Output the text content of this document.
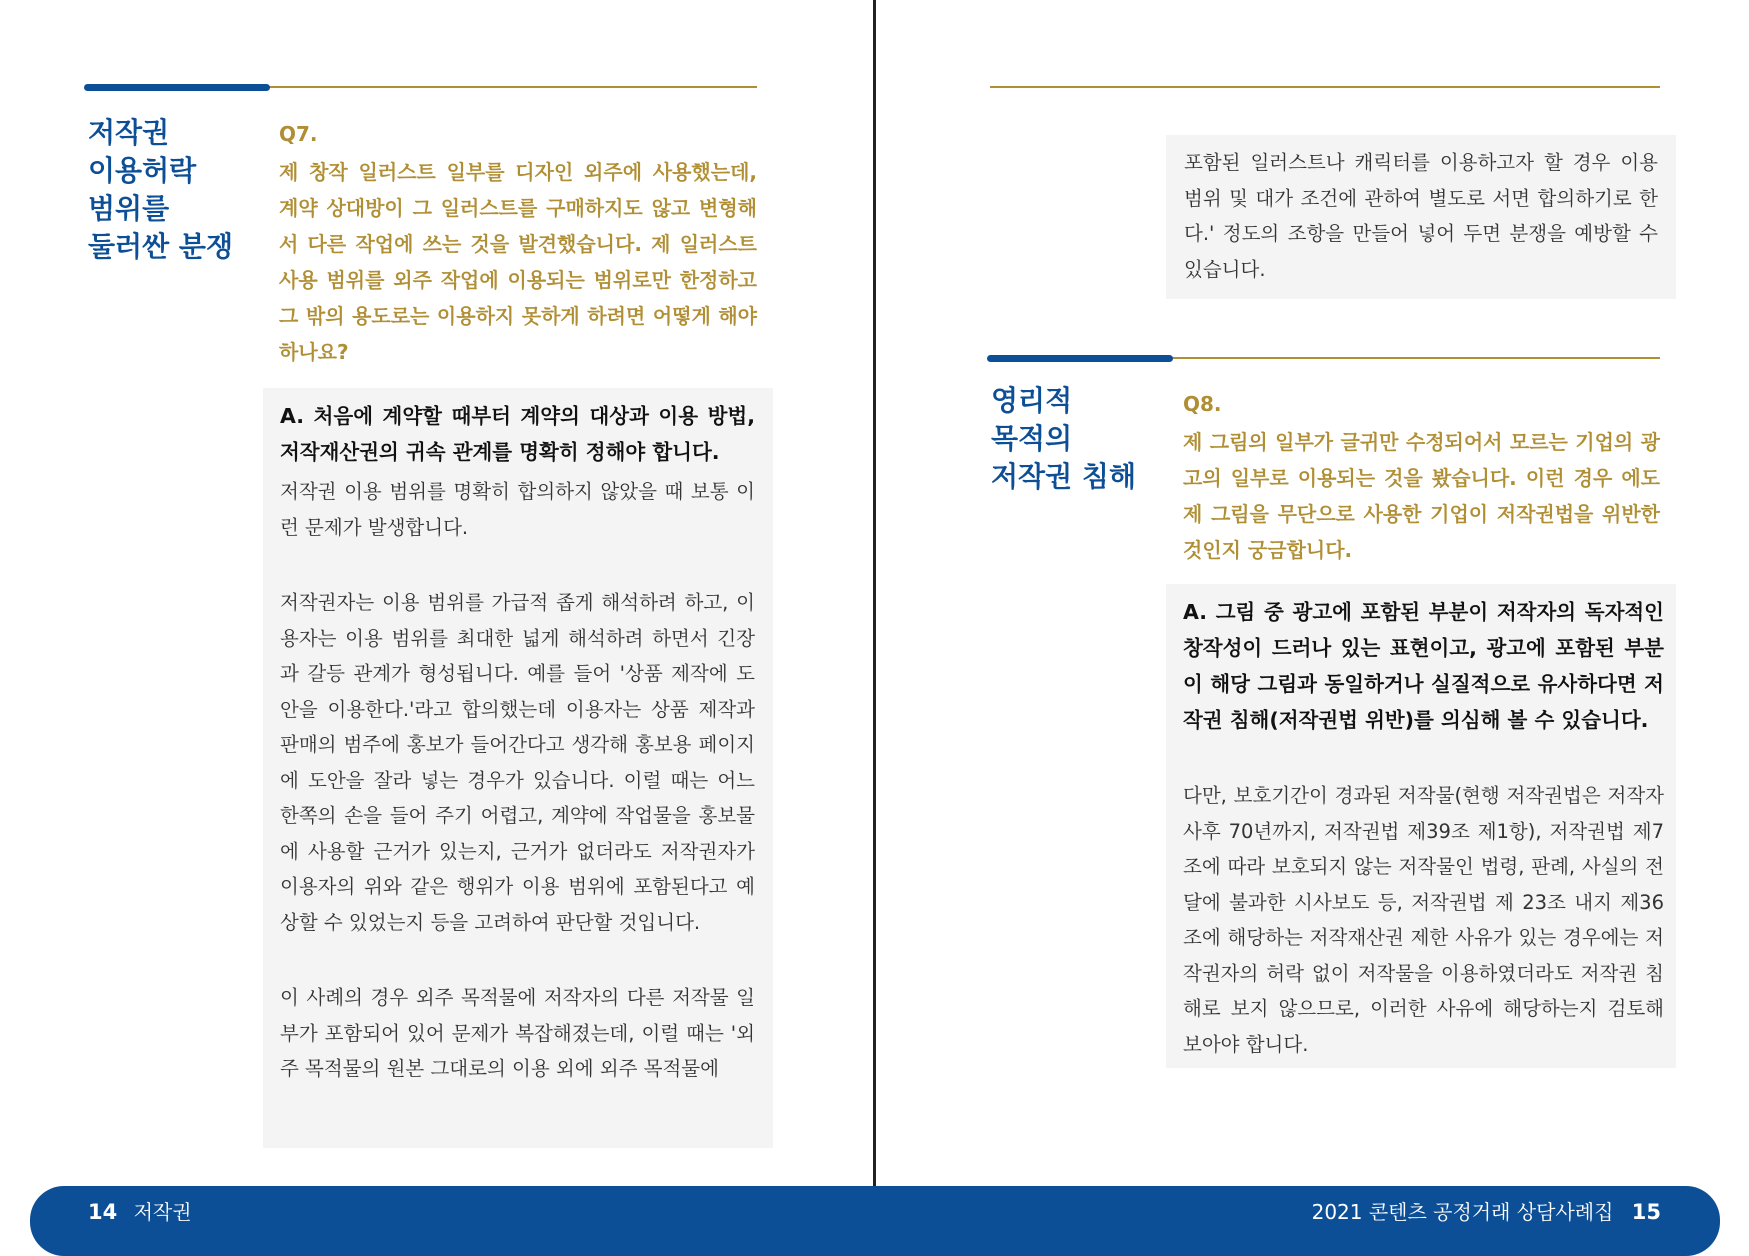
저작권
이용허락
범위를
둘러싼 분쟁
Q7.
제 창작 일러스트 일부를 디자인 외주에 사용했는데, 계약 상대방이 그 일러스트를 구매하지도 않고 변형해서 다른 작업에 쓰는 것을 발견했습니다. 제 일러스트 사용 범위를 외주 작업에 이용되는 범위로만 한정하고 그 밖의 용도로는 이용하지 못하게 하려면 어떻게 해야 하나요?
A. 처음에 계약할 때부터 계약의 대상과 이용 방법, 저작재산권의 귀속 관계를 명확히 정해야 합니다.
저작권 이용 범위를 명확히 합의하지 않았을 때 보통 이런 문제가 발생합니다.
저작권자는 이용 범위를 가급적 좁게 해석하려 하고, 이용자는 이용 범위를 최대한 넓게 해석하려 하면서 긴장과 갈등 관계가 형성됩니다. 예를 들어 '상품 제작에 도안을 이용한다.'라고 합의했는데 이용자는 상품 제작과 판매의 범주에 홍보가 들어간다고 생각해 홍보용 페이지에 도안을 잘라 넣는 경우가 있습니다. 이럴 때는 어느 한쪽의 손을 들어 주기 어렵고, 계약에 작업물을 홍보물에 사용할 근거가 있는지, 근거가 없더라도 저작권자가 이용자의 위와 같은 행위가 이용 범위에 포함된다고 예상할 수 있었는지 등을 고려하여 판단할 것입니다.
이 사례의 경우 외주 목적물에 저작자의 다른 저작물 일부가 포함되어 있어 문제가 복잡해졌는데, 이럴 때는 '외주 목적물의 원본 그대로의 이용 외에 외주 목적물에
포함된 일러스트나 캐릭터를 이용하고자 할 경우 이용 범위 및 대가 조건에 관하여 별도로 서면 합의하기로 한다.' 정도의 조항을 만들어 넣어 두면 분쟁을 예방할 수 있습니다.
영리적
목적의
저작권 침해
Q8.
제 그림의 일부가 글귀만 수정되어서 모르는 기업의 광고의 일부로 이용되는 것을 봤습니다. 이런 경우 에도 제 그림을 무단으로 사용한 기업이 저작권법을 위반한 것인지 궁금합니다.
A. 그림 중 광고에 포함된 부분이 저작자의 독자적인 창작성이 드러나 있는 표현이고, 광고에 포함된 부분이 해당 그림과 동일하거나 실질적으로 유사하다면 저작권 침해(저작권법 위반)를 의심해 볼 수 있습니다.
다만, 보호기간이 경과된 저작물(현행 저작권법은 저작자 사후 70년까지, 저작권법 제39조 제1항), 저작권법 제7조에 따라 보호되지 않는 저작물인 법령, 판례, 사실의 전달에 불과한 시사보도 등, 저작권법 제 23조 내지 제36조에 해당하는 저작재산권 제한 사유가 있는 경우에는 저작권자의 허락 없이 저작물을 이용하였더라도 저작권 침해로 보지 않으므로, 이러한 사유에 해당하는지 검토해 보아야 합니다.
14 저작권	2021 콘텐츠 공정거래 상담사례집 15
